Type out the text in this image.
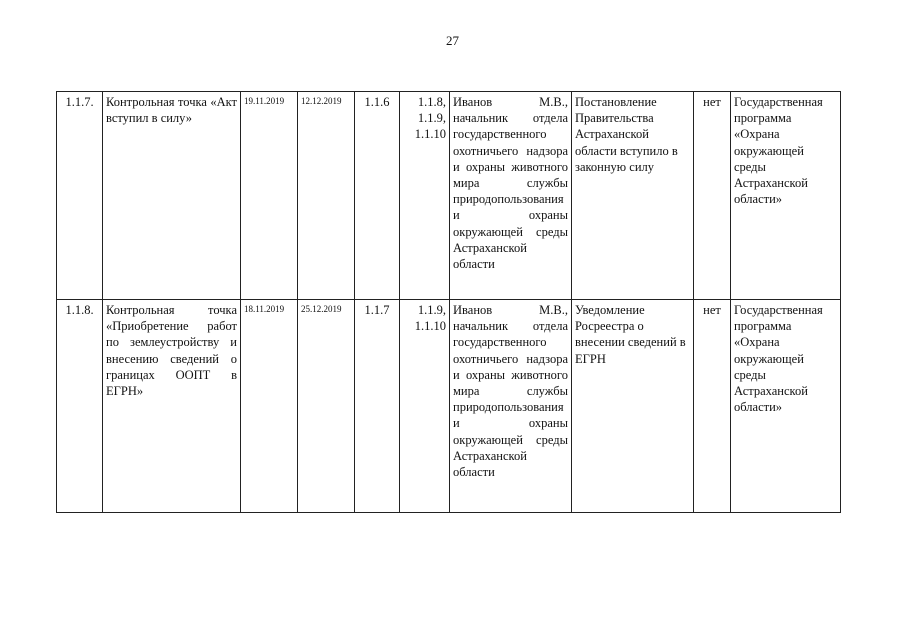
27
1.1.7.	Контрольная точка «Акт вступил в силу»	19.11.2019	12.12.2019	1.1.6	1.1.8,
1.1.9,
1.1.10	Иванов М.В., начальник отдела государственного охотничьего надзора и охраны животного мира службы природопользования и охраны окружающей среды Астраханской области	Постановление Правительства Астраханской области вступило в законную силу	нет	Государственная программа «Охрана окружающей среды Астраханской области»
1.1.8.	Контрольная точка «Приобретение работ по землеустройству и внесению сведений о границах ООПТ в ЕГРН»	18.11.2019	25.12.2019	1.1.7	1.1.9,
1.1.10	Иванов М.В., начальник отдела государственного охотничьего надзора и охраны животного мира службы природопользования и охраны окружающей среды Астраханской области	Уведомление Росреестра о внесении сведений в ЕГРН	нет	Государственная программа «Охрана окружающей среды Астраханской области»
